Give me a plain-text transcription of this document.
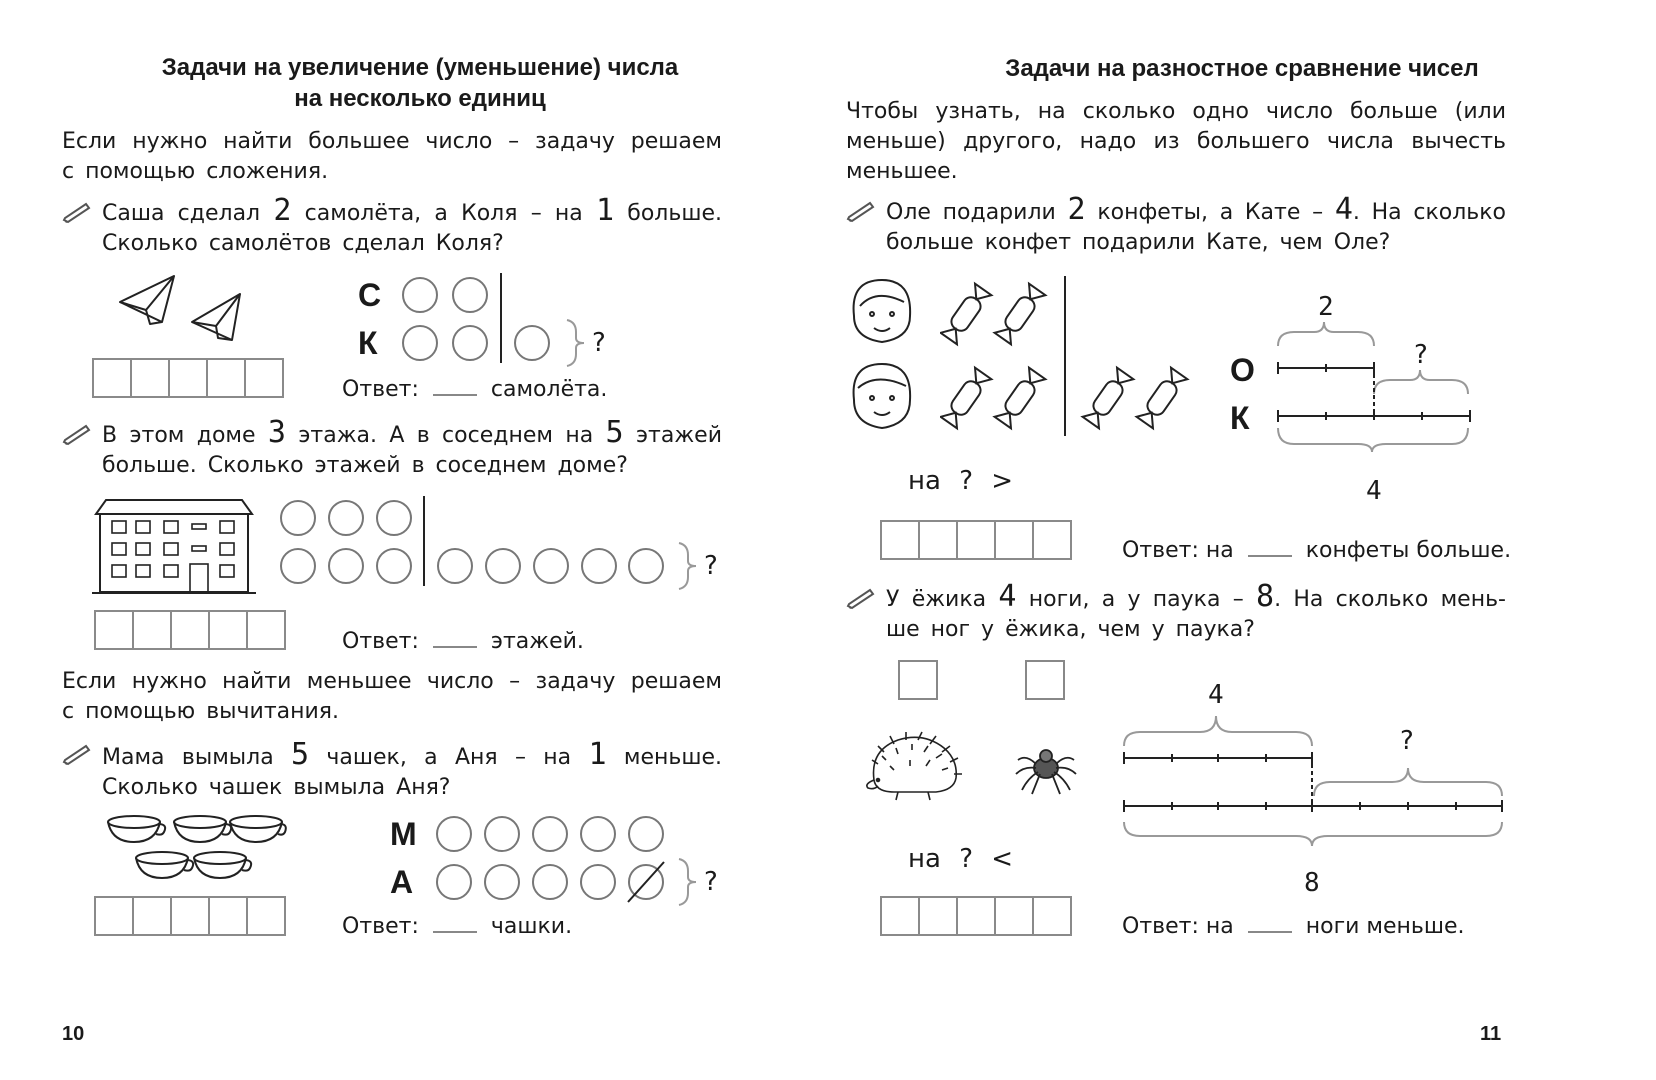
Задачи на увеличение (уменьшение) числа
на несколько единиц
Если нужно найти большее число – задачу решаем
с помощью сложения.
Саша сделал 2 самолёта, а Коля – на 1 больше.
Сколько самолётов сделал Коля?
С
К	?
Ответ:	самолёта.
В этом доме 3 этажа. А в соседнем на 5 этажей
больше. Сколько этажей в соседнем доме?
?
Ответ:	этажей.
Если нужно найти меньшее число – задачу решаем
с помощью вычитания.
Мама вымыла 5 чашек, а Аня – на 1 меньше.
Сколько чашек вымыла Аня?
М
А	?
Ответ:	чашки.
10
Задачи на разностное сравнение чисел
Чтобы узнать, на сколько одно число больше (или меньше) другого, надо из большего числа вычесть
меньшее.
Оле подарили 2 конфеты, а Кате – 4. На сколько
больше конфет подарили Кате, чем Оле?
О
К
2
?
4
на ? >
Ответ: на	конфеты больше.
У ёжика 4 ноги, а у паука – 8. На сколько мень-
ше ног у ёжика, чем у паука?
4
?
8
на ? <
Ответ: на	ноги меньше.
11
